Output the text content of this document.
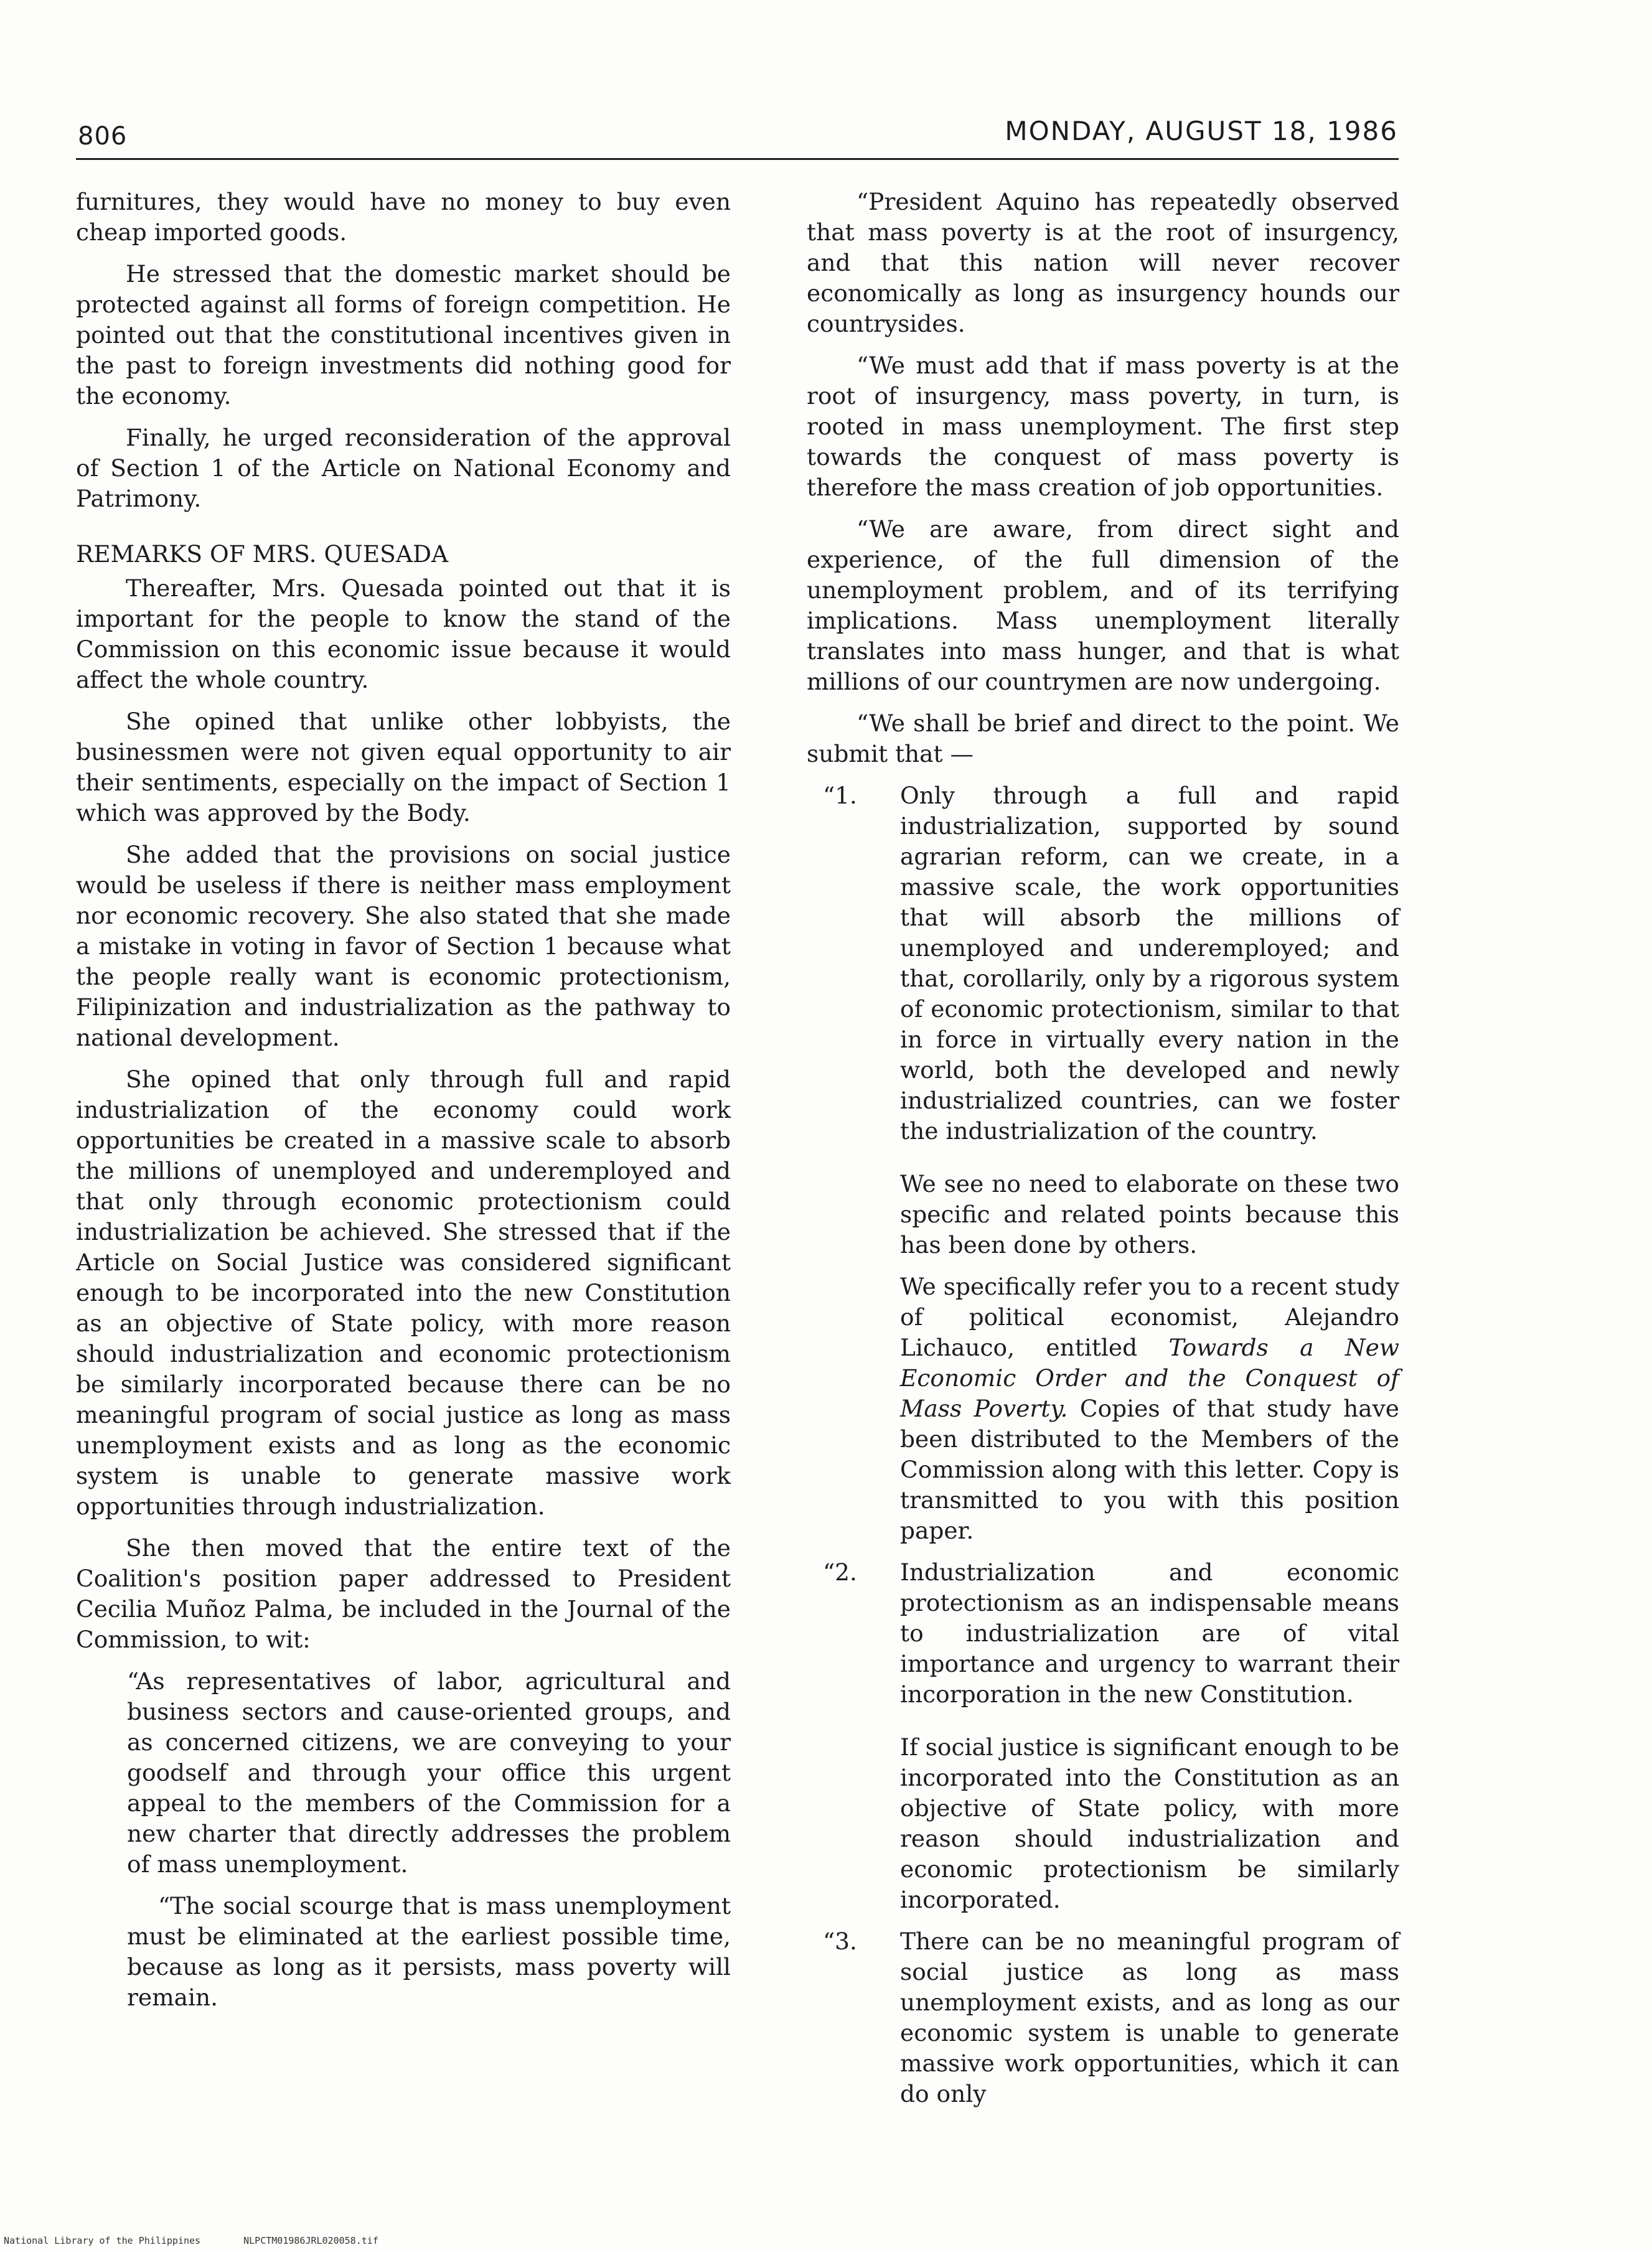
806	MONDAY, AUGUST 18, 1986

furnitures, they would have no money to buy even cheap imported goods.

He stressed that the domestic market should be protected against all forms of foreign competition. He pointed out that the constitutional incentives given in the past to foreign investments did nothing good for the economy.

Finally, he urged reconsideration of the approval of Section 1 of the Article on National Economy and Patrimony.

REMARKS OF MRS. QUESADA

Thereafter, Mrs. Quesada pointed out that it is important for the people to know the stand of the Commission on this economic issue because it would affect the whole country.

She opined that unlike other lobbyists, the businessmen were not given equal opportunity to air their sentiments, especially on the impact of Section 1 which was approved by the Body.

She added that the provisions on social justice would be useless if there is neither mass employment nor economic recovery. She also stated that she made a mistake in voting in favor of Section 1 because what the people really want is economic protectionism, Filipinization and industrialization as the pathway to national development.

She opined that only through full and rapid industrialization of the economy could work opportunities be created in a massive scale to absorb the millions of unemployed and underemployed and that only through economic protectionism could industrialization be achieved. She stressed that if the Article on Social Justice was considered significant enough to be incorporated into the new Constitution as an objective of State policy, with more reason should industrialization and economic protectionism be similarly incorporated because there can be no meaningful program of social justice as long as mass unemployment exists and as long as the economic system is unable to generate massive work opportunities through industrialization.

She then moved that the entire text of the Coalition's position paper addressed to President Cecilia Muñoz Palma, be included in the Journal of the Commission, to wit:

“As representatives of labor, agricultural and business sectors and cause-oriented groups, and as concerned citizens, we are conveying to your goodself and through your office this urgent appeal to the members of the Commission for a new charter that directly addresses the problem of mass unemployment.

“The social scourge that is mass unemployment must be eliminated at the earliest possible time, because as long as it persists, mass poverty will remain.

“President Aquino has repeatedly observed that mass poverty is at the root of insurgency, and that this nation will never recover economically as long as insurgency hounds our countrysides.

“We must add that if mass poverty is at the root of insurgency, mass poverty, in turn, is rooted in mass unemployment. The first step towards the conquest of mass poverty is therefore the mass creation of job opportunities.

“We are aware, from direct sight and experience, of the full dimension of the unemployment problem, and of its terrifying implications. Mass unemployment literally translates into mass hunger, and that is what millions of our countrymen are now undergoing.

“We shall be brief and direct to the point. We submit that —

“1.	Only through a full and rapid industrialization, supported by sound agrarian reform, can we create, in a massive scale, the work opportunities that will absorb the millions of unemployed and underemployed; and that, corollarily, only by a rigorous system of economic protectionism, similar to that in force in virtually every nation in the world, both the developed and newly industrialized countries, can we foster the industrialization of the country.

We see no need to elaborate on these two specific and related points because this has been done by others.

We specifically refer you to a recent study of political economist, Alejandro Lichauco, entitled Towards a New Economic Order and the Conquest of Mass Poverty. Copies of that study have been distributed to the Members of the Commission along with this letter. Copy is transmitted to you with this position paper.

“2.	Industrialization and economic protectionism as an indispensable means to industrialization are of vital importance and urgency to warrant their incorporation in the new Constitution.

If social justice is significant enough to be incorporated into the Constitution as an objective of State policy, with more reason should industrialization and economic protectionism be similarly incorporated.

“3.	There can be no meaningful program of social justice as long as mass unemployment exists, and as long as our economic system is unable to generate massive work opportunities, which it can do only

National Library of the Philippines	NLPCTM01986JRL020058.tif
